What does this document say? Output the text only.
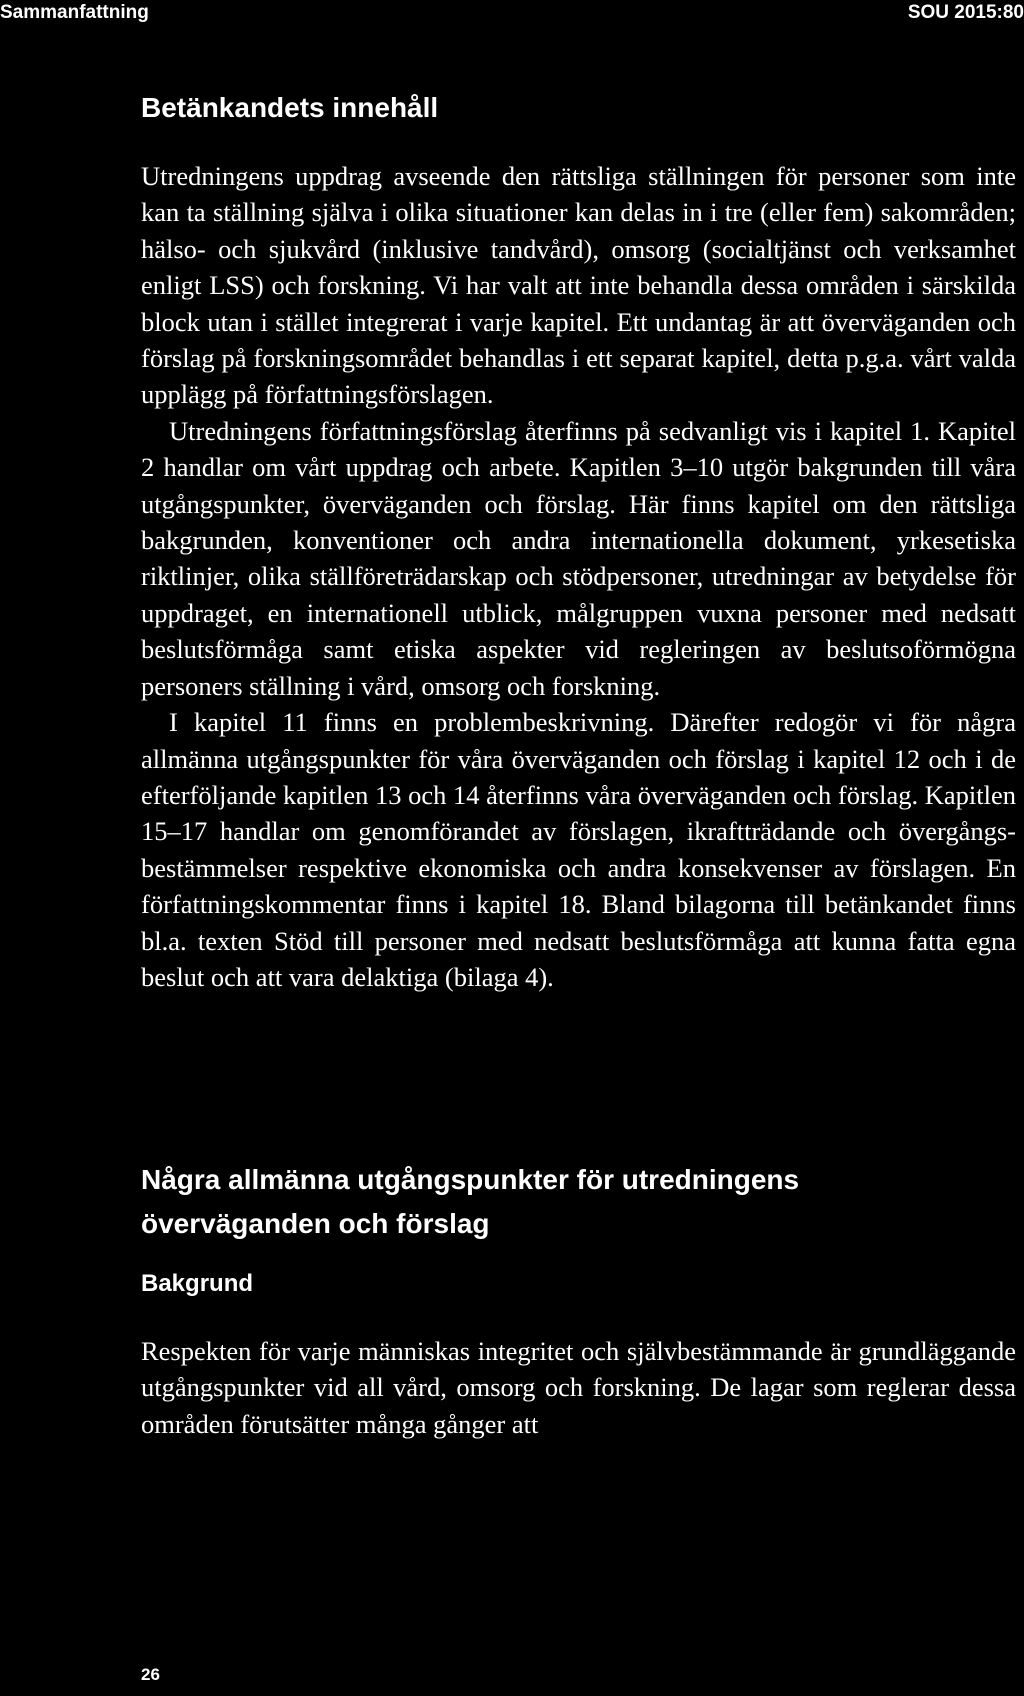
Sammanfattning	SOU 2015:80
Betänkandets innehåll

Utredningens uppdrag avseende den rättsliga ställningen för personer som inte kan ta ställning själva i olika situationer kan delas in i tre (eller fem) sakområden; hälso- och sjukvård (inklusive tandvård), omsorg (socialtjänst och verksamhet enligt LSS) och forskning. Vi har valt att inte behandla dessa områden i särskilda block utan i stället integrerat i varje kapitel. Ett undantag är att överväganden och förslag på forskningsområdet behandlas i ett separat kapitel, detta p.g.a. vårt valda upplägg på författningsförslagen.

Utredningens författningsförslag återfinns på sedvanligt vis i kapitel 1. Kapitel 2 handlar om vårt uppdrag och arbete. Kapitlen 3–10 utgör bakgrunden till våra utgångspunkter, överväganden och förslag. Här finns kapitel om den rättsliga bakgrunden, konventioner och andra internationella dokument, yrkesetiska riktlinjer, olika ställföreträdarskap och stödpersoner, utredningar av betydelse för uppdraget, en internationell utblick, målgruppen vuxna personer med nedsatt beslutsförmåga samt etiska aspekter vid regleringen av beslutsoförmögna personers ställning i vård, omsorg och forskning.

I kapitel 11 finns en problembeskrivning. Därefter redogör vi för några allmänna utgångspunkter för våra överväganden och förslag i kapitel 12 och i de efterföljande kapitlen 13 och 14 återfinns våra överväganden och förslag. Kapitlen 15–17 handlar om genomförandet av förslagen, ikraftträdande och övergångsbestämmelser respektive ekonomiska och andra konsekvenser av förslagen. En författningskommentar finns i kapitel 18. Bland bilagorna till betänkandet finns bl.a. texten Stöd till personer med nedsatt beslutsförmåga att kunna fatta egna beslut och att vara delaktiga (bilaga 4).

Några allmänna utgångspunkter för utredningens
överväganden och förslag
Bakgrund

Respekten för varje människas integritet och självbestämmande är grundläggande utgångspunkter vid all vård, omsorg och forskning. De lagar som reglerar dessa områden förutsätter många gånger att

26
